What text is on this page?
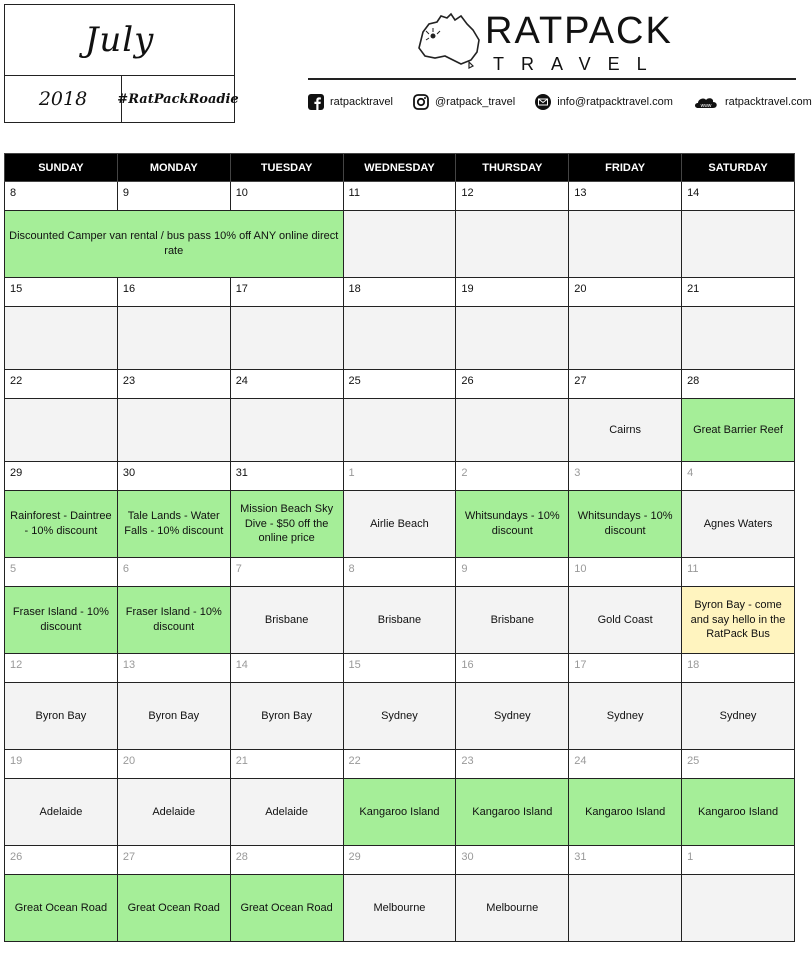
July
2018	#RatPackRoadie
RATPACK
TRAVEL
ratpacktravel	@ratpack_travel	info@ratpacktravel.com	www ratpacktravel.com
SUNDAY	MONDAY	TUESDAY	WEDNESDAY	THURSDAY	FRIDAY	SATURDAY

8	9	10	11	12	13	14

Discounted Camper van rental / bus pass 10% off ANY online direct rate						

15	16	17	18	19	20	21

22	23	24	25	26	27	28

					Cairns	Great Barrier Reef

29	30	31	1	2	3	4

Rainforest - Daintree - 10% discount	Tale Lands - Water Falls - 10% discount	Mission Beach Sky Dive - $50 off the online price	Airlie Beach	Whitsundays - 10% discount	Whitsundays - 10% discount	Agnes Waters

5	6	7	8	9	10	11

Fraser Island - 10% discount	Fraser Island - 10% discount	Brisbane	Brisbane	Brisbane	Gold Coast	Byron Bay - come and say hello in the RatPack Bus

12	13	14	15	16	17	18

Byron Bay	Byron Bay	Byron Bay	Sydney	Sydney	Sydney	Sydney

19	20	21	22	23	24	25

Adelaide	Adelaide	Adelaide	Kangaroo Island	Kangaroo Island	Kangaroo Island	Kangaroo Island

26	27	28	29	30	31	1

Great Ocean Road	Great Ocean Road	Great Ocean Road	Melbourne	Melbourne		
